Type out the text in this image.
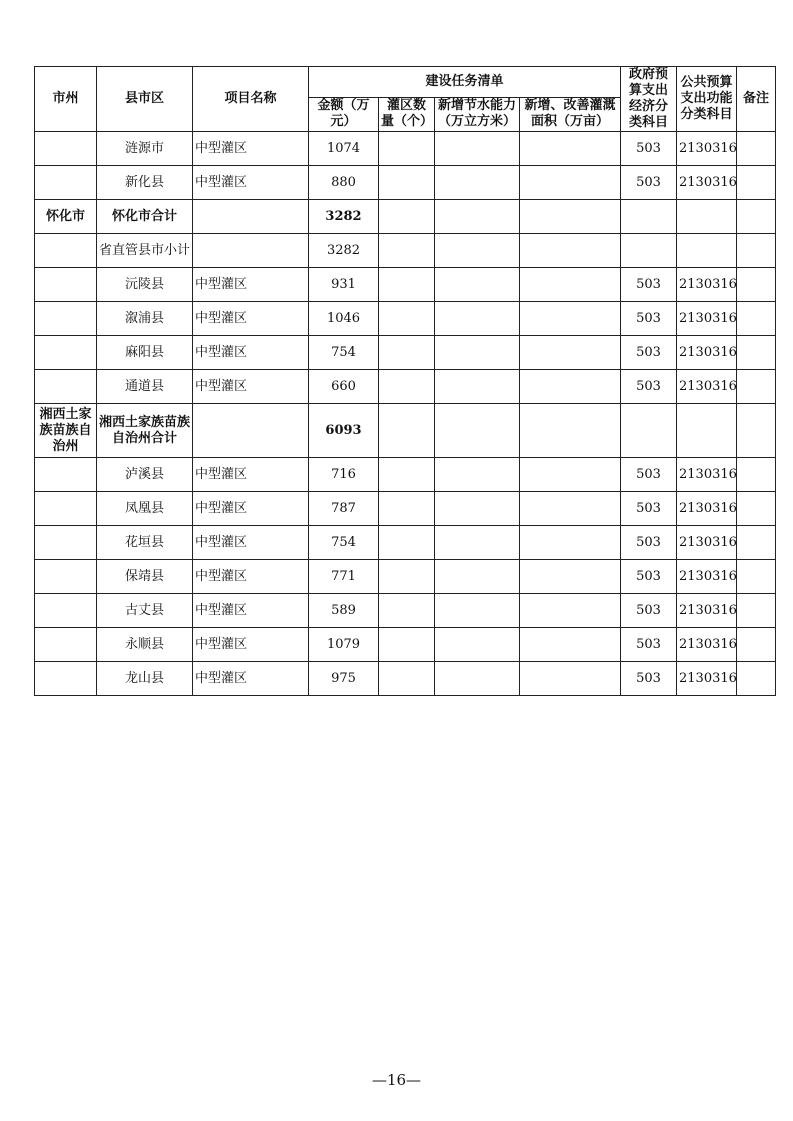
市州	县市区	项目名称	建设任务清单				政府预算支出经济分类科目	公共预算支出功能分类科目	备注
			金额（万元）	灌区数量（个）	新增节水能力（万立方米）	新增、改善灌溉面积（万亩）			
	涟源市	中型灌区	1074				503	2130316	
	新化县	中型灌区	880				503	2130316	
怀化市	怀化市合计		3282						
	省直管县市小计		3282						
	沅陵县	中型灌区	931				503	2130316	
	溆浦县	中型灌区	1046				503	2130316	
	麻阳县	中型灌区	754				503	2130316	
	通道县	中型灌区	660				503	2130316	
湘西土家族苗族自治州	湘西土家族苗族自治州合计		6093						
	泸溪县	中型灌区	716				503	2130316	
	凤凰县	中型灌区	787				503	2130316	
	花垣县	中型灌区	754				503	2130316	
	保靖县	中型灌区	771				503	2130316	
	古丈县	中型灌区	589				503	2130316	
	永顺县	中型灌区	1079				503	2130316	
	龙山县	中型灌区	975				503	2130316	
—16—
